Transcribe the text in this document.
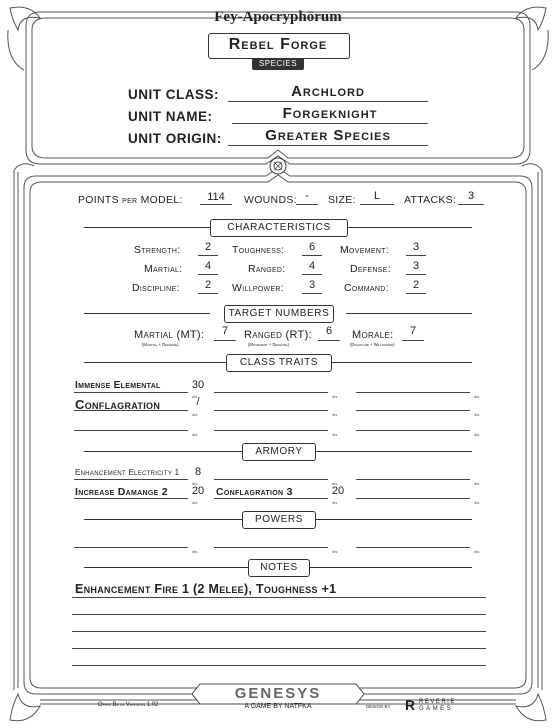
Fey-Apocryphōrum
Rebel Forge
SPECIES
UNIT CLASS:	Archlord
UNIT NAME:	Forgeknight
UNIT ORIGIN:	Greater Species
POINTS per MODEL:	114	WOUNDS: -	SIZE:	L	ATTACKS:	3
CHARACTERISTICS
Strength:	2	Toughness:	6	Movement:	3
Martial:	4	Ranged:	4	Defense:	3
Discipline:	2	Willpower:	3	Command:	2
TARGET NUMBERS
Martial (MT):	7
(Martial + Defense)
Ranged (RT):	6
(Movement + Defense)
Morale:	7
(Discipline + Willpower)
CLASS TRAITS
Immense Elemental	30
Conflagration	/
dts	dts	dts
dts	dts	dts
dts	dts	dts
ARMORY
Enhancement Electricity 1	8
Increase Damange 2	20	Conflagration 3	20
dts	dts	dts
dts	dts	dts
POWERS
dts	dts	dts
NOTES
Enhancement Fire 1 (2 Melee), Toughness +1
Open Beta Version 1.02
GENESYS
A GAME BY NATFKA	DESIGN BY R REVERIE
GAMES
